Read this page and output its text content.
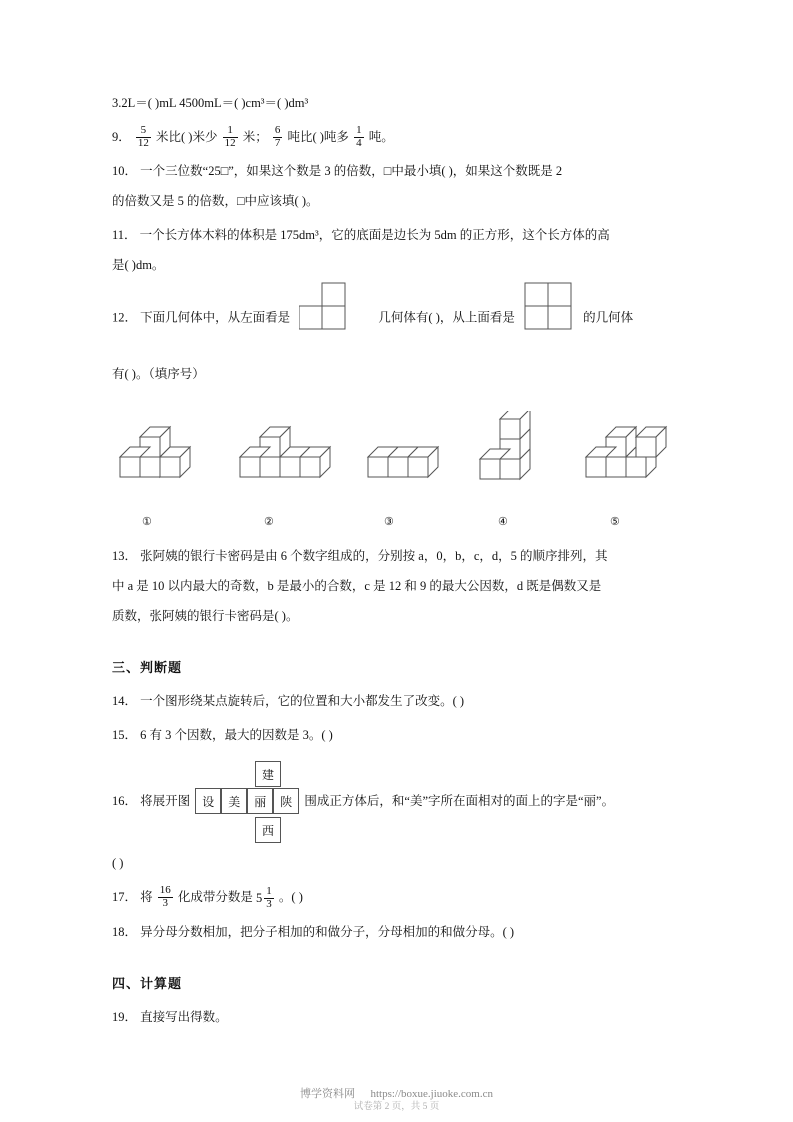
3.2L＝( )mL 4500mL＝( )cm³＝( )dm³
9． $\frac{5}{12}$ 米比( )米少 $\frac{1}{12}$ 米； $\frac{6}{7}$ 吨比( )吨多 $\frac{1}{4}$ 吨。
10． 一个三位数“25□”，如果这个数是 3 的倍数，□中最小填( )，如果这个数既是 2
的倍数又是 5 的倍数，□中应该填( )。
11． 一个长方体木料的体积是 175dm³，它的底面是边长为 5dm 的正方形，这个长方体的高
是( )dm。
12． 下面几何体中，从左面看是	几何体有( )，从上面看是	的几何体
有( )。（填序号）
①	②	③	④	⑤
13． 张阿姨的银行卡密码是由 6 个数字组成的，分别按 a，0，b，c，d，5 的顺序排列，其
中 a 是 10 以内最大的奇数，b 是最小的合数，c 是 12 和 9 的最大公因数，d 既是偶数又是
质数，张阿姨的银行卡密码是( )。
三、判断题
14． 一个图形绕某点旋转后，它的位置和大小都发生了改变。( )
15． 6 有 3 个因数，最大的因数是 3。( )
建
16． 将展开图 设 美 丽 陕 围成正方体后，和“美”字所在面相对的面上的字是“丽”。
西
( )
17． 将 $\frac{16}{3}$ 化成带分数是 $5 \frac{1}{3}$ 。( )
18． 异分母分数相加，把分子相加的和做分子，分母相加的和做分母。( )
四、计算题
19． 直接写出得数。
博学资料网 https://boxue.jiuoke.com.cn
试卷第 2 页，共 5 页
